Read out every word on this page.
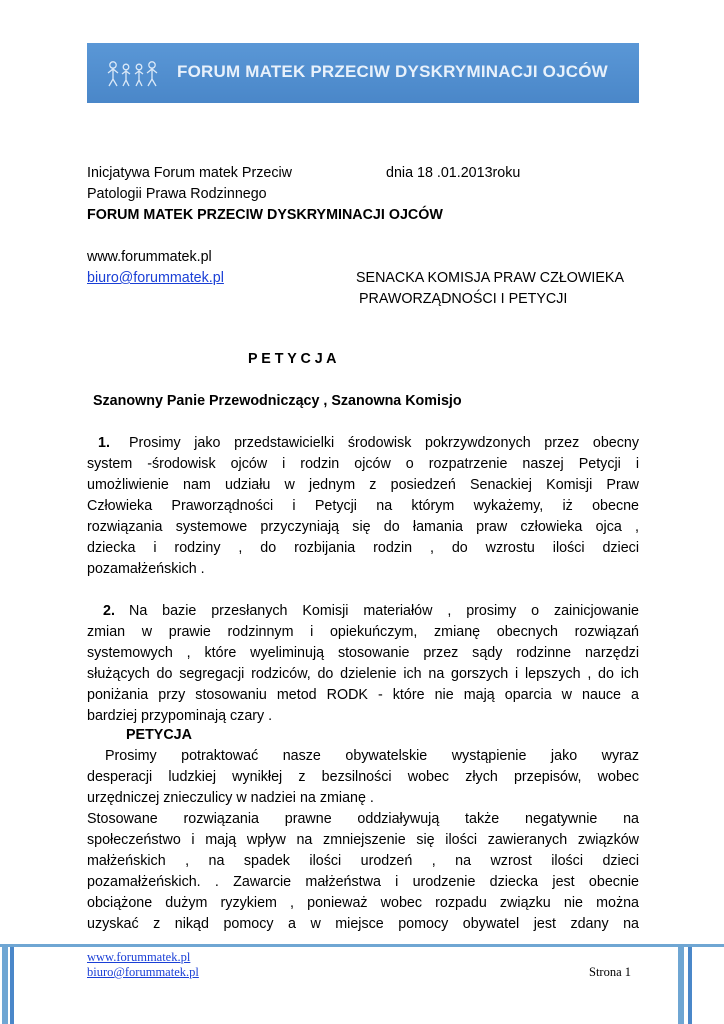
FORUM MATEK PRZECIW DYSKRYMINACJI OJCÓW
Inicjatywa Forum matek Przeciw	dnia 18 .01.2013roku
Patologii Prawa Rodzinnego
FORUM MATEK PRZECIW DYSKRYMINACJI OJCÓW
www.forummatek.pl
biuro@forummatek.pl	SENACKA KOMISJA PRAW CZŁOWIEKA
PRAWORZĄDNOŚCI I PETYCJI
P E T Y C J A
Szanowny Panie Przewodniczący , Szanowna Komisjo
1.	Prosimy jako przedstawicielki środowisk pokrzywdzonych przez obecny
system -środowisk ojców i rodzin ojców o rozpatrzenie naszej Petycji i
umożliwienie nam udziału w jednym z posiedzeń Senackiej Komisji Praw
Człowieka Praworządności i Petycji na którym wykażemy, iż obecne
rozwiązania systemowe przyczyniają się do łamania praw człowieka ojca ,
dziecka i rodziny , do rozbijania rodzin , do wzrostu ilości dzieci
pozamałżeńskich .
2. Na bazie przesłanych Komisji materiałów , prosimy o zainicjowanie
zmian w prawie rodzinnym i opiekuńczym, zmianę obecnych rozwiązań
systemowych , które wyeliminują stosowanie przez sądy rodzinne narzędzi
służących do segregacji rodziców, do dzielenie ich na gorszych i lepszych , do ich
poniżania przy stosowaniu metod RODK - które nie mają oparcia w nauce a
bardziej przypominają czary .
PETYCJA
Prosimy potraktować nasze obywatelskie wystąpienie jako wyraz
desperacji ludzkiej wynikłej z bezsilności wobec złych przepisów, wobec
urzędniczej znieczulicy w nadziei na zmianę .
Stosowane rozwiązania prawne oddziaływują także negatywnie na
społeczeństwo i mają wpływ na zmniejszenie się ilości zawieranych związków
małżeńskich , na spadek ilości urodzeń , na wzrost ilości dzieci
pozamałżeńskich. . Zawarcie małżeństwa i urodzenie dziecka jest obecnie
obciążone dużym ryzykiem , ponieważ wobec rozpadu związku nie można
uzyskać z nikąd pomocy a w miejsce pomocy obywatel jest zdany na
www.forummatek.pl
biuro@forummatek.pl	Strona 1
